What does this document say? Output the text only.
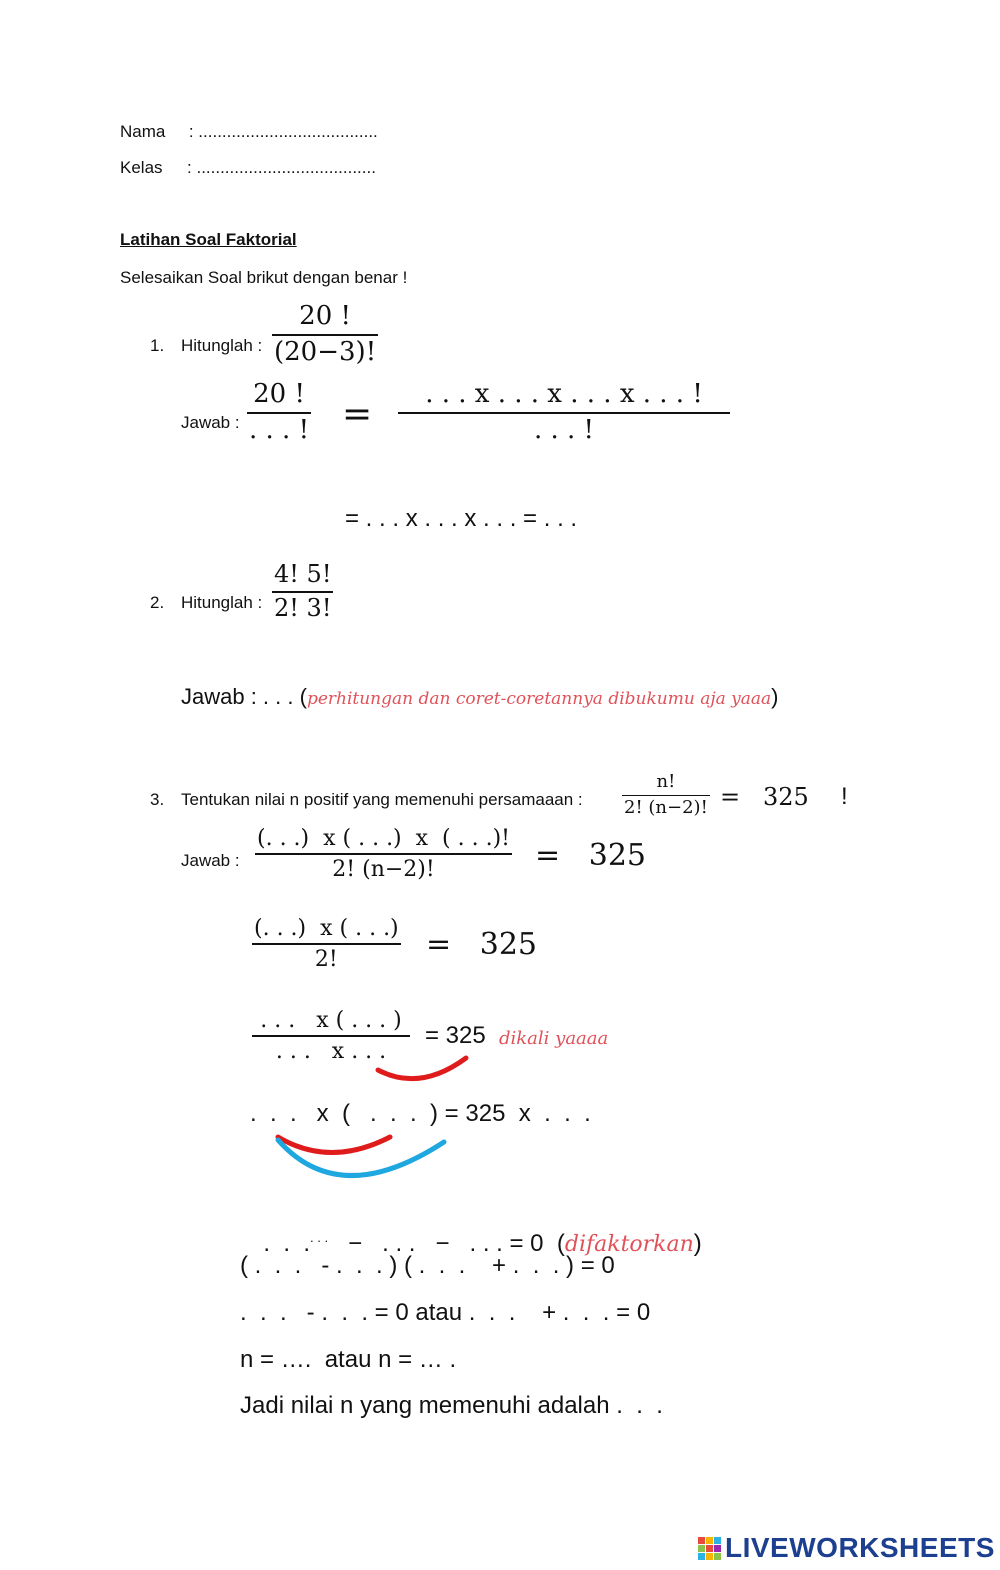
Nama : ......................................
Kelas : ......................................
Latihan Soal Faktorial
Selesaikan Soal brikut dengan benar !
1. Hitunglah :
20 !
(20−3)!
Jawab :
20 !
. . . ! = . . . x . . . x . . . x . . . !
. . . !
= . . . x . . . x . . . = . . .
2. Hitunglah :
4! 5!
2! 3!
Jawab : . . . (perhitungan dan coret-coretannya dibukumu aja yaaa)
3. Tentukan nilai n positif yang memenuhi persamaaan :
n!
2! (n−2)! =   325 !
Jawab :
(. . .)  x ( . . .)  x  ( . . .)!
2! (n−2)!	=   325
(. . .)  x ( . . .)
2!	=   325
. . .   x ( . . . )
. . .   x . . .
= 325 dikali yaaaa
.  .  .   x  (   .  .  .  ) = 325  x  .  .  .

.  .  .. . . −   . . .   −   . . . = 0  (difaktorkan)

( .  .  .   - .  .  . ) ( .  .  .    + .  .  . ) = 0
.  .  .   - .  .  . = 0 atau .  .  .    + .  .  . = 0
n = ….  atau n = … .
Jadi nilai n yang memenuhi adalah .  .  .
LIVEWORKSHEETS
